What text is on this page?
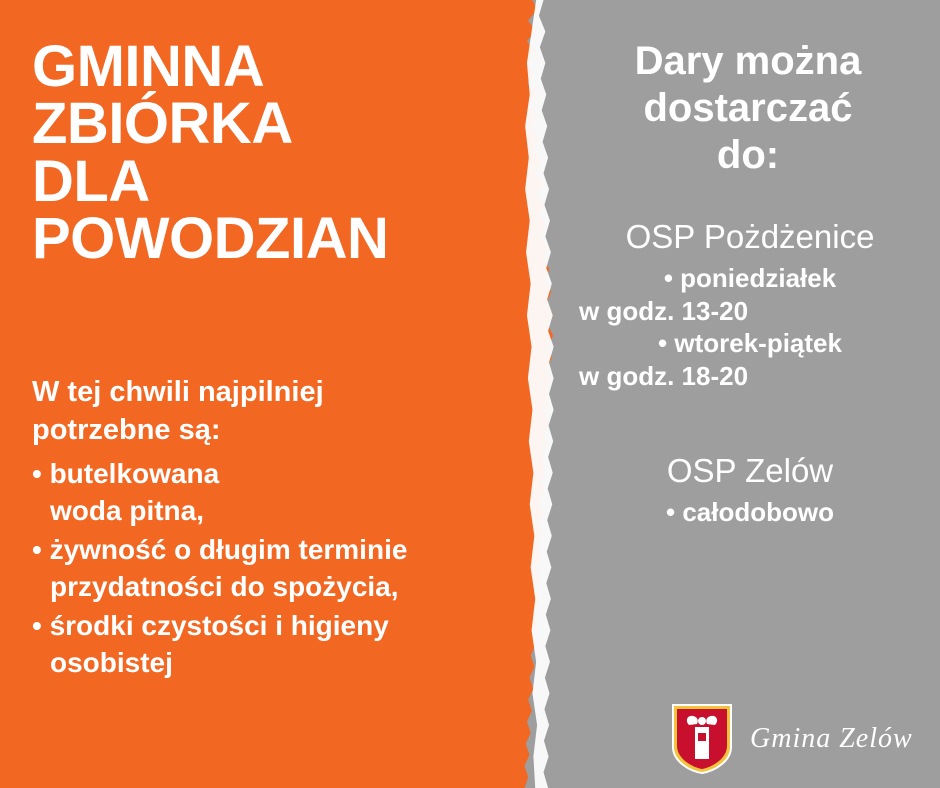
GMINNA
ZBIÓRKA
DLA
POWODZIAN
W tej chwili najpilniej
potrzebne są:
• butelkowana
woda pitna,
• żywność o długim terminie
przydatności do spożycia,
• środki czystości i higieny
osobistej
Dary można
dostarczać
do:
OSP Pożdżenice
• poniedziałek
w godz. 13-20
• wtorek-piątek
w godz. 18-20
OSP Zelów
• całodobowo
Gmina Zelów
